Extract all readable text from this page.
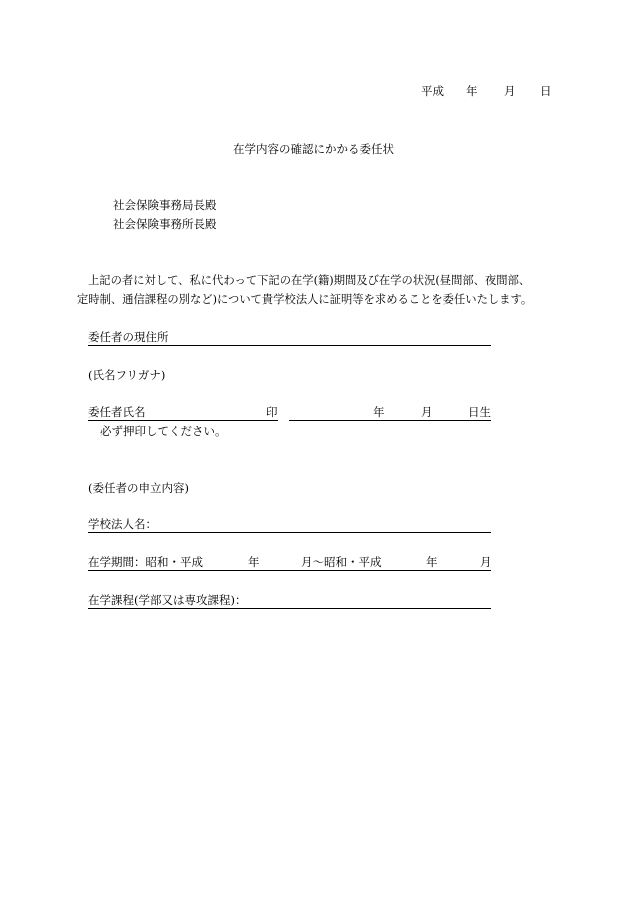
平成 年 月 日
在学内容の確認にかかる委任状
社会保険事務局長殿
社会保険事務所長殿
上記の者に対して、私に代わって下記の在学(籍)期間及び在学の状況(昼間部、夜間部、
定時制、通信課程の別など)について貴学校法人に証明等を求めることを委任いたします。
委任者の現住所
(氏名フリガナ)
委任者氏名	印	年	月	日生
必ず押印してください。
(委任者の申立内容)
学校法人名：
在学期間：昭和・平成	年	月～昭和・平成	年	月
在学課程(学部又は専攻課程)：
